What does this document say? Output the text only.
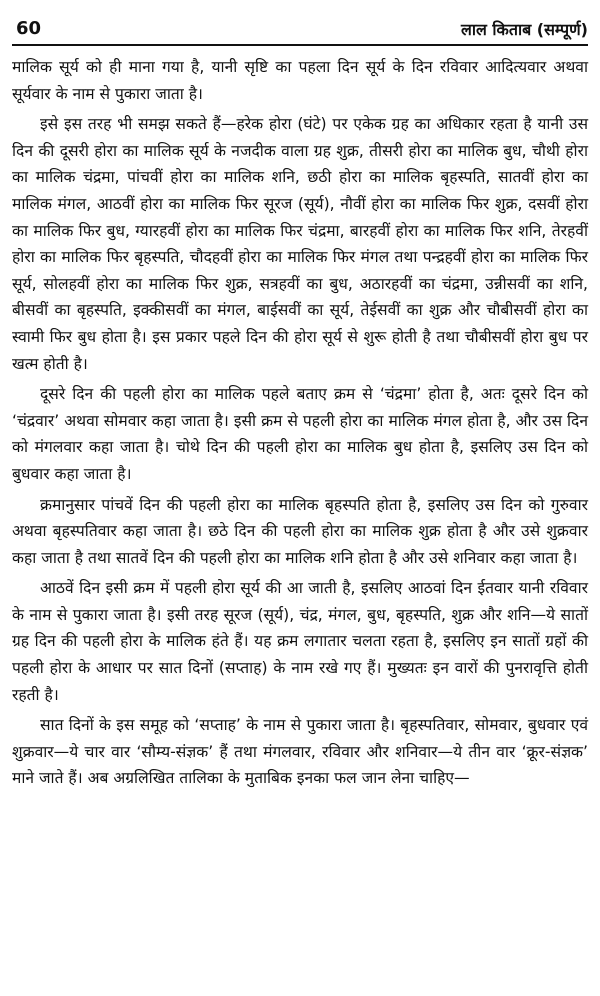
60	लाल किताब (सम्पूर्ण)

मालिक सूर्य को ही माना गया है, यानी सृष्टि का पहला दिन सूर्य के दिन रविवार आदित्यवार अथवा सूर्यवार के नाम से पुकारा जाता है।

इसे इस तरह भी समझ सकते हैं—हरेक होरा (घंटे) पर एकेक ग्रह का अधिकार रहता है यानी उस दिन की दूसरी होरा का मालिक सूर्य के नजदीक वाला ग्रह शुक्र, तीसरी होरा का मालिक बुध, चौथी होरा का मालिक चंद्रमा, पांचवीं होरा का मालिक शनि, छठी होरा का मालिक बृहस्पति, सातवीं होरा का मालिक मंगल, आठवीं होरा का मालिक फिर सूरज (सूर्य), नौवीं होरा का मालिक फिर शुक्र, दसवीं होरा का मालिक फिर बुध, ग्यारहवीं होरा का मालिक फिर चंद्रमा, बारहवीं होरा का मालिक फिर शनि, तेरहवीं होरा का मालिक फिर बृहस्पति, चौदहवीं होरा का मालिक फिर मंगल तथा पन्द्रहवीं होरा का मालिक फिर सूर्य, सोलहवीं होरा का मालिक फिर शुक्र, सत्रहवीं का बुध, अठारहवीं का चंद्रमा, उन्नीसवीं का शनि, बीसवीं का बृहस्पति, इक्कीसवीं का मंगल, बाईसवीं का सूर्य, तेईसवीं का शुक्र और चौबीसवीं होरा का स्वामी फिर बुध होता है। इस प्रकार पहले दिन की होरा सूर्य से शुरू होती है तथा चौबीसवीं होरा बुध पर खत्म होती है।

दूसरे दिन की पहली होरा का मालिक पहले बताए क्रम से ‘चंद्रमा’ होता है, अतः दूसरे दिन को ‘चंद्रवार’ अथवा सोमवार कहा जाता है। इसी क्रम से पहली होरा का मालिक मंगल होता है, और उस दिन को मंगलवार कहा जाता है। चोथे दिन की पहली होरा का मालिक बुध होता है, इसलिए उस दिन को बुधवार कहा जाता है।

क्रमानुसार पांचवें दिन की पहली होरा का मालिक बृहस्पति होता है, इसलिए उस दिन को गुरुवार अथवा बृहस्पतिवार कहा जाता है। छठे दिन की पहली होरा का मालिक शुक्र होता है और उसे शुक्रवार कहा जाता है तथा सातवें दिन की पहली होरा का मालिक शनि होता है और उसे शनिवार कहा जाता है।

आठवें दिन इसी क्रम में पहली होरा सूर्य की आ जाती है, इसलिए आठवां दिन ईतवार यानी रविवार के नाम से पुकारा जाता है। इसी तरह सूरज (सूर्य), चंद्र, मंगल, बुध, बृहस्पति, शुक्र और शनि—ये सातों ग्रह दिन की पहली होरा के मालिक हंते हैं। यह क्रम लगातार चलता रहता है, इसलिए इन सातों ग्रहों की पहली होरा के आधार पर सात दिनों (सप्ताह) के नाम रखे गए हैं। मुख्यतः इन वारों की पुनरावृत्ति होती रहती है।

सात दिनों के इस समूह को ‘सप्ताह’ के नाम से पुकारा जाता है। बृहस्पतिवार, सोमवार, बुधवार एवं शुक्रवार—ये चार वार ‘सौम्य-संज्ञक’ हैं तथा मंगलवार, रविवार और शनिवार—ये तीन वार ‘क्रूर-संज्ञक’ माने जाते हैं। अब अग्रलिखित तालिका के मुताबिक इनका फल जान लेना चाहिए—
